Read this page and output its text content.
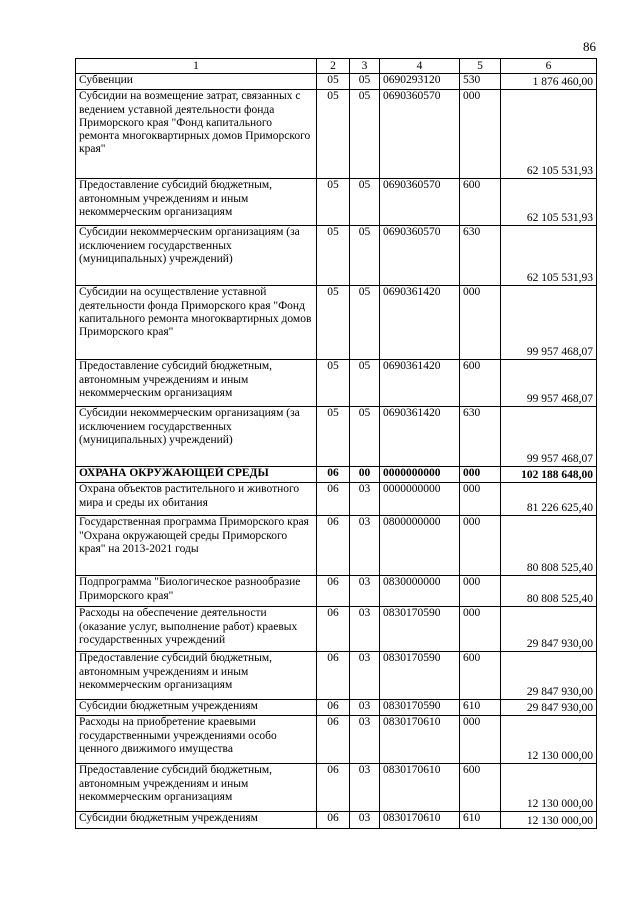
86
1	2	3	4	5	6
Субвенции	05	05	0690293120	530	1 876 460,00
Субсидии на возмещение затрат, связанных с ведением уставной деятельности фонда Приморского края "Фонд капитального ремонта многоквартирных домов Приморского края"	05	05	0690360570	000	62 105 531,93
Предоставление субсидий бюджетным, автономным учреждениям и иным некоммерческим организациям	05	05	0690360570	600	62 105 531,93
Субсидии некоммерческим организациям (за исключением государственных (муниципальных) учреждений)	05	05	0690360570	630	62 105 531,93
Субсидии на осуществление уставной деятельности фонда Приморского края "Фонд капитального ремонта многоквартирных домов Приморского края"	05	05	0690361420	000	99 957 468,07
Предоставление субсидий бюджетным, автономным учреждениям и иным некоммерческим организациям	05	05	0690361420	600	99 957 468,07
Субсидии некоммерческим организациям (за исключением государственных (муниципальных) учреждений)	05	05	0690361420	630	99 957 468,07
ОХРАНА ОКРУЖАЮЩЕЙ СРЕДЫ	06	00	0000000000	000	102 188 648,00
Охрана объектов растительного и животного мира и среды их обитания	06	03	0000000000	000	81 226 625,40
Государственная программа Приморского края "Охрана окружающей среды Приморского края" на 2013-2021 годы	06	03	0800000000	000	80 808 525,40
Подпрограмма "Биологическое разнообразие Приморского края"	06	03	0830000000	000	80 808 525,40
Расходы на обеспечение деятельности (оказание услуг, выполнение работ) краевых государственных учреждений	06	03	0830170590	000	29 847 930,00
Предоставление субсидий бюджетным, автономным учреждениям и иным некоммерческим организациям	06	03	0830170590	600	29 847 930,00
Субсидии бюджетным учреждениям	06	03	0830170590	610	29 847 930,00
Расходы на приобретение краевыми государственными учреждениями особо ценного движимого имущества	06	03	0830170610	000	12 130 000,00
Предоставление субсидий бюджетным, автономным учреждениям и иным некоммерческим организациям	06	03	0830170610	600	12 130 000,00
Субсидии бюджетным учреждениям	06	03	0830170610	610	12 130 000,00
